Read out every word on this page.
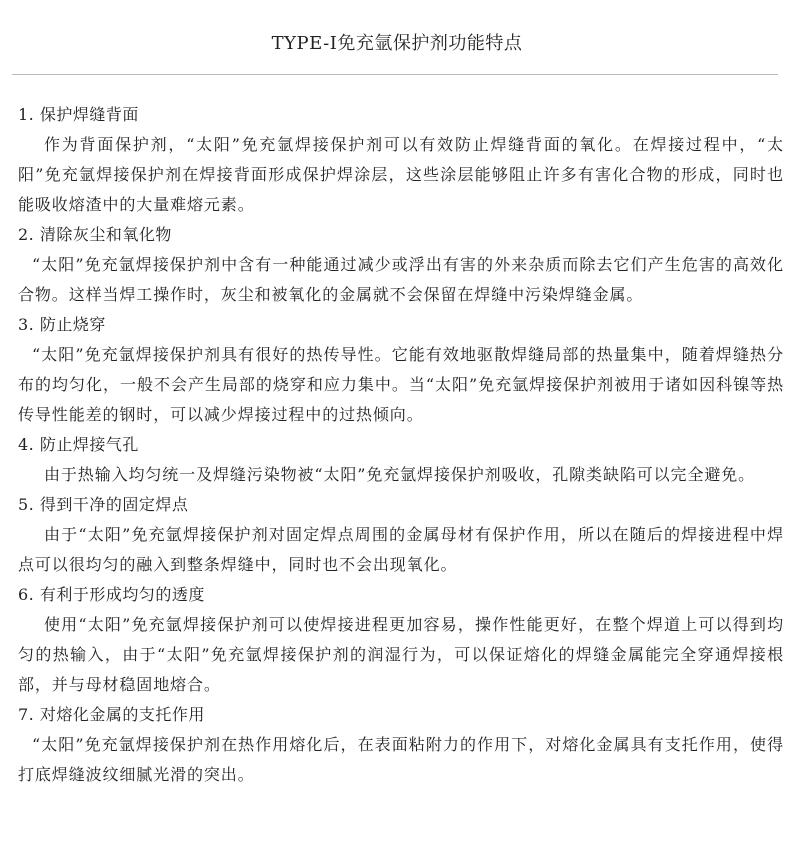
TYPE-I免充氩保护剂功能特点

1. 保护焊缝背面

作为背面保护剂，“太阳”免充氩焊接保护剂可以有效防止焊缝背面的氧化。在焊接过程中，“太阳”免充氩焊接保护剂在焊接背面形成保护焊涂层，这些涂层能够阻止许多有害化合物的形成，同时也能吸收熔渣中的大量难熔元素。

2. 清除灰尘和氧化物

“太阳”免充氩焊接保护剂中含有一种能通过减少或浮出有害的外来杂质而除去它们产生危害的高效化合物。这样当焊工操作时，灰尘和被氧化的金属就不会保留在焊缝中污染焊缝金属。

3. 防止烧穿

“太阳”免充氩焊接保护剂具有很好的热传导性。它能有效地驱散焊缝局部的热量集中，随着焊缝热分布的均匀化，一般不会产生局部的烧穿和应力集中。当“太阳”免充氩焊接保护剂被用于诸如因科镍等热传导性能差的钢时，可以减少焊接过程中的过热倾向。

4. 防止焊接气孔

由于热输入均匀统一及焊缝污染物被“太阳”免充氩焊接保护剂吸收，孔隙类缺陷可以完全避免。

5. 得到干净的固定焊点

由于“太阳”免充氩焊接保护剂对固定焊点周围的金属母材有保护作用，所以在随后的焊接进程中焊点可以很均匀的融入到整条焊缝中，同时也不会出现氧化。

6. 有利于形成均匀的透度

使用“太阳”免充氩焊接保护剂可以使焊接进程更加容易，操作性能更好，在整个焊道上可以得到均匀的热输入，由于“太阳”免充氩焊接保护剂的润湿行为，可以保证熔化的焊缝金属能完全穿通焊接根部，并与母材稳固地熔合。

7. 对熔化金属的支托作用

“太阳”免充氩焊接保护剂在热作用熔化后，在表面粘附力的作用下，对熔化金属具有支托作用，使得打底焊缝波纹细腻光滑的突出。
